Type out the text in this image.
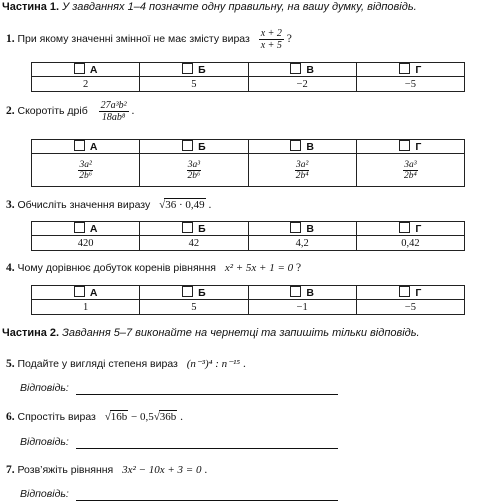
Частина 1. У завданнях 1–4 позначте одну правильну, на вашу думку, відповідь.
1. При якому значенні змінної не має змісту вираз $\frac{x + 2}{x + 5}$ ?
А	Б	В	Г
2	5	−2	−5
2. Скоротіть дріб $\frac{\text{27a³b²}}{\text{18ab⁸}}$ .
А	Б	В	Г

$\frac{\text{3a²}}{\text{2b⁶}}$	$\frac{\text{3a³}}{\text{2b⁶}}$	$\frac{\text{3a²}}{\text{2b⁴}}$	$\frac{\text{3a³}}{\text{2b⁴}}$
3. Обчисліть значення виразу √36 · 0,49 .
А	Б	В	Г
420	42	4,2	0,42
4. Чому дорівнює добуток коренів рівняння x² + 5x + 1 = 0 ?
А	Б	В	Г
1	5	−1	−5
Частина 2. Завдання 5–7 виконайте на чернетці та запишіть тільки відповідь.
5. Подайте у вигляді степеня вираз (n⁻³)⁴ : n⁻¹⁵ .
Відповідь:
6. Спростіть вираз √16b − 0,5√36b .
Відповідь:
7. Розв’яжіть рівняння 3x² − 10x + 3 = 0 .
Відповідь:
